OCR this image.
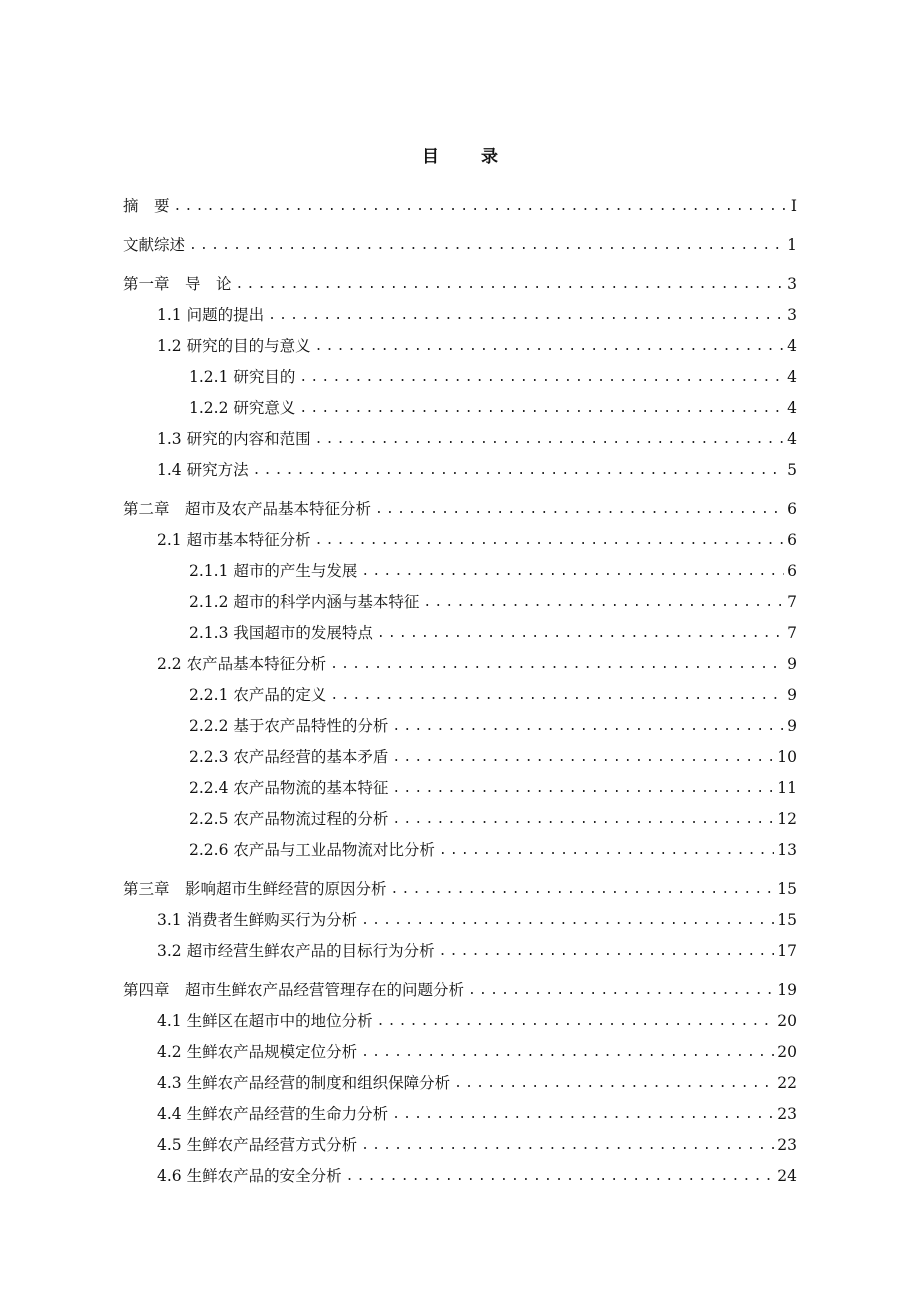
目 录
摘　要 .....	I
文献综述 .....	1
第一章　导　论 .....	3
1.1 问题的提出 .....	3
1.2 研究的目的与意义 .....	4
1.2.1 研究目的 .....	4
1.2.2 研究意义 .....	4
1.3 研究的内容和范围 .....	4
1.4 研究方法 .....	5
第二章　超市及农产品基本特征分析 .....	6
2.1 超市基本特征分析 .....	6
2.1.1 超市的产生与发展 .....	6
2.1.2 超市的科学内涵与基本特征 .....	7
2.1.3 我国超市的发展特点 .....	7
2.2 农产品基本特征分析 .....	9
2.2.1 农产品的定义 .....	9
2.2.2 基于农产品特性的分析 .....	9
2.2.3 农产品经营的基本矛盾 .....	10
2.2.4 农产品物流的基本特征 .....	11
2.2.5 农产品物流过程的分析 .....	12
2.2.6 农产品与工业品物流对比分析 .....	13
第三章　影响超市生鲜经营的原因分析 .....	15
3.1 消费者生鲜购买行为分析 .....	15
3.2 超市经营生鲜农产品的目标行为分析 .....	17
第四章　超市生鲜农产品经营管理存在的问题分析 .....	19
4.1 生鲜区在超市中的地位分析 .....	20
4.2 生鲜农产品规模定位分析 .....	20
4.3 生鲜农产品经营的制度和组织保障分析 .....	22
4.4 生鲜农产品经营的生命力分析 .....	23
4.5 生鲜农产品经营方式分析 .....	23
4.6 生鲜农产品的安全分析 .....	24
